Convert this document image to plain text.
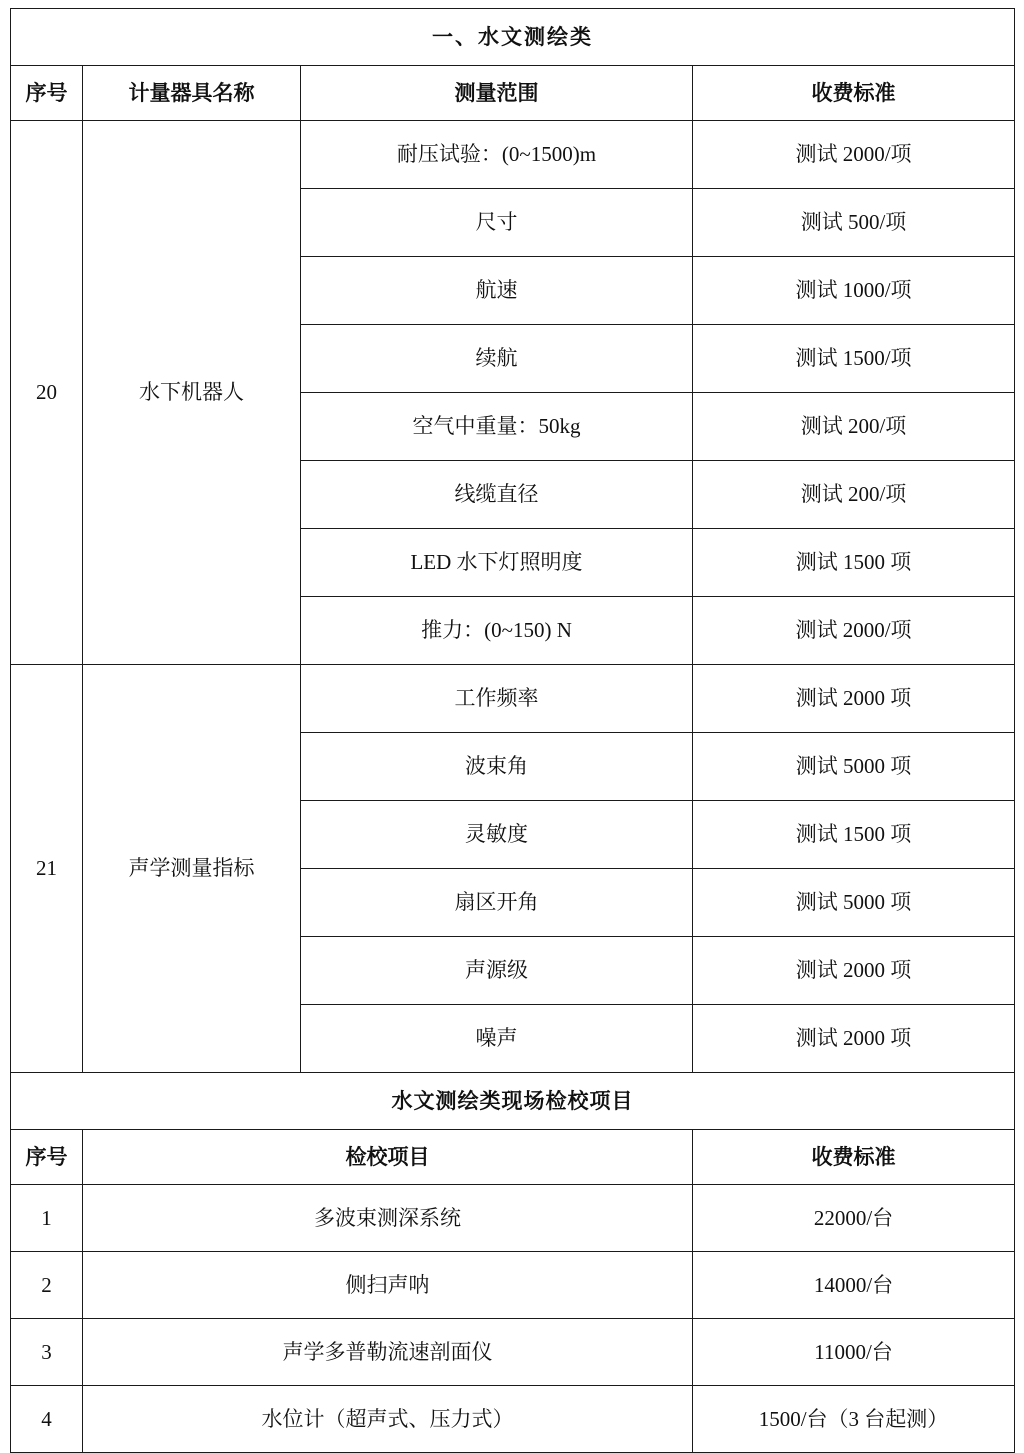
一、水文测绘类			
序号	计量器具名称	测量范围	收费标准
20	水下机器人	耐压试验：(0~1500)m	测试 2000/项
		尺寸	测试 500/项
		航速	测试 1000/项
		续航	测试 1500/项
		空气中重量：50kg	测试 200/项
		线缆直径	测试 200/项
		LED 水下灯照明度	测试 1500 项
		推力：(0~150) N	测试 2000/项
21	声学测量指标	工作频率	测试 2000 项
		波束角	测试 5000 项
		灵敏度	测试 1500 项
		扇区开角	测试 5000 项
		声源级	测试 2000 项
		噪声	测试 2000 项
水文测绘类现场检校项目			
序号	检校项目		收费标准
1	多波束测深系统		22000/台
2	侧扫声呐		14000/台
3	声学多普勒流速剖面仪		11000/台
4	水位计（超声式、压力式）		1500/台（3 台起测）
